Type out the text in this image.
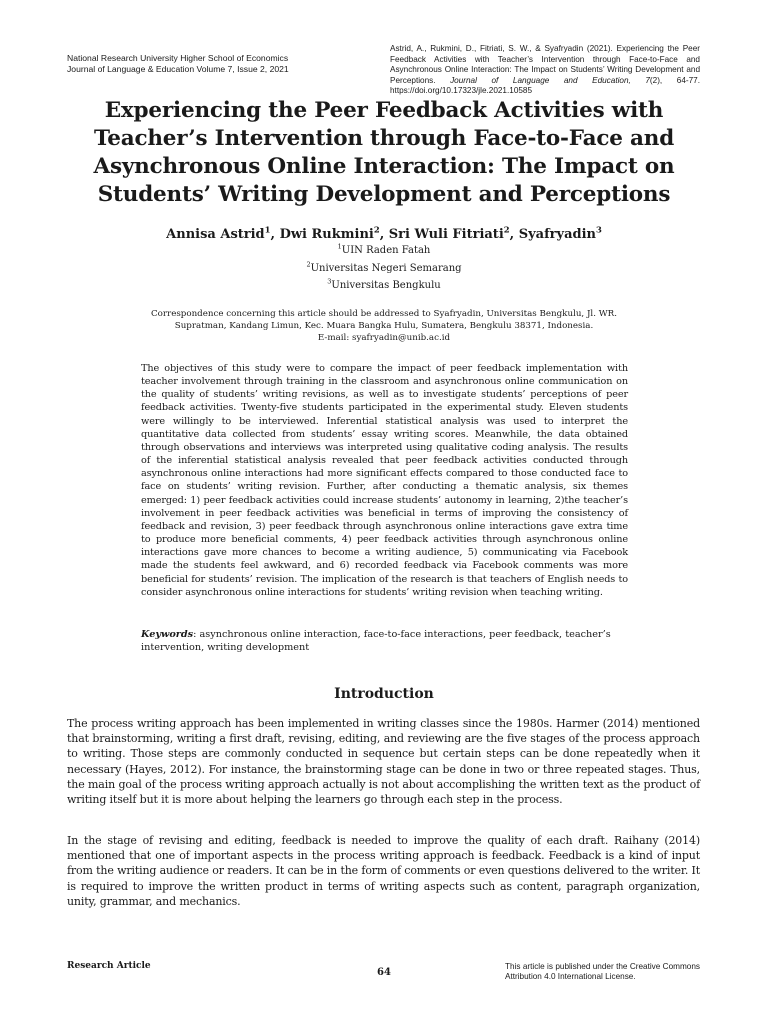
National Research University Higher School of Economics
Journal of Language & Education Volume 7, Issue 2, 2021
Astrid, A., Rukmini, D., Fitriati, S. W., & Syafryadin (2021). Experiencing the Peer Feedback Activities with Teacher’s Intervention through Face-to-Face and Asynchronous Online Interaction: The Impact on Students’ Writing Development and Perceptions. Journal of Language and Education, 7(2), 64-77. https://doi.org/10.17323/jle.2021.10585
Experiencing the Peer Feedback Activities with Teacher’s Intervention through Face-to-Face and Asynchronous Online Interaction: The Impact on Students’ Writing Development and Perceptions
Annisa Astrid$^1$, Dwi Rukmini$^2$, Sri Wuli Fitriati$^2$, Syafryadin$^3$
$^1$UIN Raden Fatah
$^2$Universitas Negeri Semarang
$^3$Universitas Bengkulu
Correspondence concerning this article should be addressed to Syafryadin, Universitas Bengkulu, Jl. WR. Supratman, Kandang Limun, Kec. Muara Bangka Hulu, Sumatera, Bengkulu 38371, Indonesia.
E-mail: syafryadin@unib.ac.id

The objectives of this study were to compare the impact of peer feedback implementation with teacher involvement through training in the classroom and asynchronous online communication on the quality of students’ writing revisions, as well as to investigate students’ perceptions of peer feedback activities. Twenty-five students participated in the experimental study. Eleven students were willingly to be interviewed. Inferential statistical analysis was used to interpret the quantitative data collected from students’ essay writing scores. Meanwhile, the data obtained through observations and interviews was interpreted using qualitative coding analysis. The results of the inferential statistical analysis revealed that peer feedback activities conducted through asynchronous online interactions had more significant effects compared to those conducted face to face on students’ writing revision. Further, after conducting a thematic analysis, six themes emerged: 1) peer feedback activities could increase students’ autonomy in learning, 2)the teacher’s involvement in peer feedback activities was beneficial in terms of improving the consistency of feedback and revision, 3) peer feedback through asynchronous online interactions gave extra time to produce more beneficial comments, 4) peer feedback activities through asynchronous online interactions gave more chances to become a writing audience, 5) communicating via Facebook made the students feel awkward, and 6) recorded feedback via Facebook comments was more beneficial for students’ revision. The implication of the research is that teachers of English needs to consider asynchronous online interactions for students’ writing revision when teaching writing.

Keywords: asynchronous online interaction, face-to-face interactions, peer feedback, teacher’s intervention, writing development

Introduction

The process writing approach has been implemented in writing classes since the 1980s. Harmer (2014) mentioned that brainstorming, writing a first draft, revising, editing, and reviewing are the five stages of the process approach to writing. Those steps are commonly conducted in sequence but certain steps can be done repeatedly when it necessary (Hayes, 2012). For instance, the brainstorming stage can be done in two or three repeated stages. Thus, the main goal of the process writing approach actually is not about accomplishing the written text as the product of writing itself but it is more about helping the learners go through each step in the process.

In the stage of revising and editing, feedback is needed to improve the quality of each draft. Raihany (2014) mentioned that one of important aspects in the process writing approach is feedback. Feedback is a kind of input from the writing audience or readers. It can be in the form of comments or even questions delivered to the writer. It is required to improve the written product in terms of writing aspects such as content, paragraph organization, unity, grammar, and mechanics.

Research Article
64
This article is published under the Creative Commons Attribution 4.0 International License.
